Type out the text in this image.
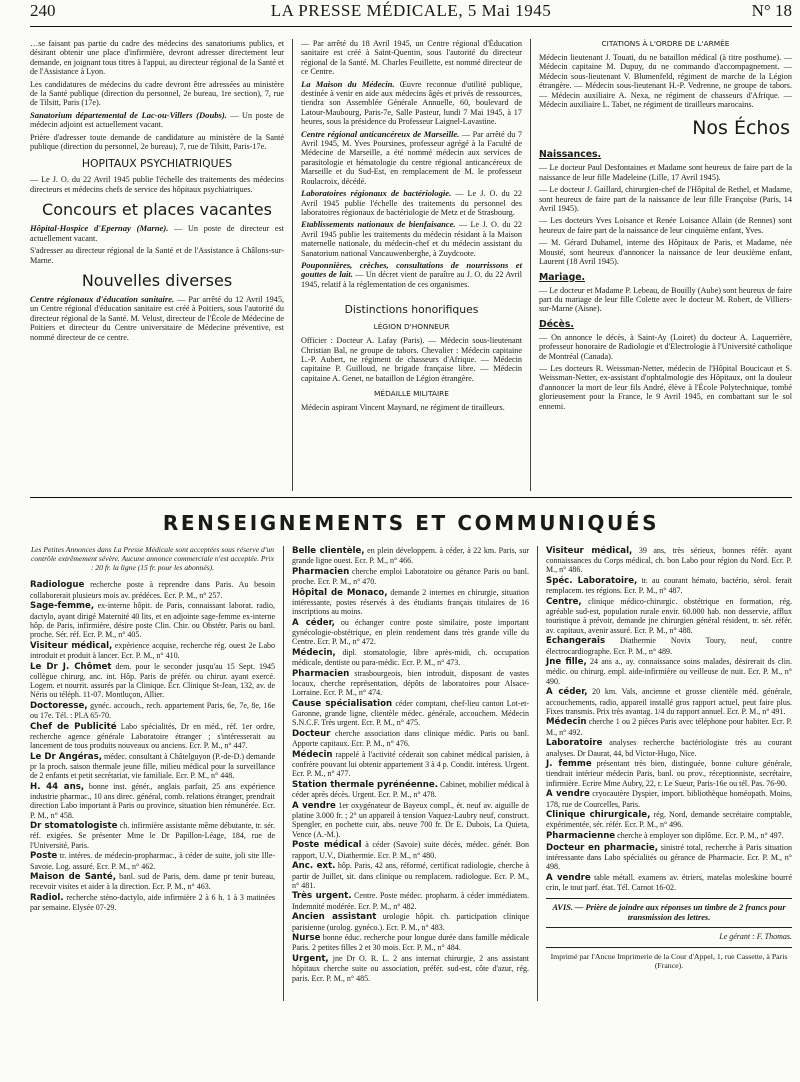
240	LA PRESSE MÉDICALE, 5 Mai 1945	N° 18

…se faisant pas partie du cadre des médecins des sanatoriums publics, et désirant obtenir une place d'infirmière, devront adresser directement leur demande, en joignant tous titres à l'appui, au directeur régional de la Santé et de l'Assistance à Lyon.

Les candidatures de médecins du cadre devront être adressées au ministère de la Santé publique (direction du personnel, 2e bureau, 1re section), 7, rue de Tilsitt, Paris (17e).

Sanatorium départemental de Lac-ou-Villers (Doubs). — Un poste de médecin adjoint est actuellement vacant.

Prière d'adresser toute demande de candidature au ministère de la Santé publique (direction du personnel, 2e bureau), 7, rue de Tilsitt, Paris-17e.

HOPITAUX PSYCHIATRIQUES

— Le J. O. du 22 Avril 1945 publie l'échelle des traitements des médecins directeurs et médecins chefs de service des hôpitaux psychiatriques.

Concours et places vacantes

Hôpital-Hospice d'Epernay (Marne). — Un poste de directeur est actuellement vacant.

S'adresser au directeur régional de la Santé et de l'Assistance à Châlons-sur-Marne.

Nouvelles diverses

Centre régionaux d'éducation sanitaire. — Par arrêté du 12 Avril 1945, un Centre régional d'éducation sanitaire est créé à Poitiers, sous l'autorité du directeur régional de la Santé. M. Velust, directeur de l'École de Médecine de Poitiers et directeur du Centre universitaire de Médecine préventive, est nommé directeur de ce centre.

— Par arrêté du 18 Avril 1945, un Centre régional d'Éducation sanitaire est créé à Saint-Quentin, sous l'autorité du directeur régional de la Santé. M. Charles Feuillette, est nommé directeur de ce Centre.

La Maison du Médecin. Œuvre reconnue d'utilité publique, destinée à venir en aide aux médecins âgés et privés de ressources, tiendra son Assemblée Générale Annuelle, 60, boulevard de Latour-Maubourg, Paris-7e, Salle Pasteur, lundi 7 Mai 1945, à 17 heures, sous la présidence du Professeur Laignel-Lavastine.

Centre régional anticancéreux de Marseille. — Par arrêté du 7 Avril 1945, M. Yves Poursines, professeur agrégé à la Faculté de Médecine de Marseille, a été nommé médecin aux services de parasitologie et hématologie du centre régional anticancéreux de Marseille et du Sud-Est, en remplacement de M. le professeur Roulacroix, décédé.

Laboratoires régionaux de bactériologie. — Le J. O. du 22 Avril 1945 publie l'échelle des traitements du personnel des laboratoires régionaux de bactériologie de Metz et de Strasbourg.

Etablissements nationaux de bienfaisance. — Le J. O. du 22 Avril 1945 publie les traitements du médecin résidant à la Maison maternelle nationale, du médecin-chef et du médecin assistant du Sanatorium national Vancauwenberghe, à Zuydcoote.

Pouponnières, crèches, consultations de nourrissons et gouttes de lait. — Un décret vient de paraître au J. O. du 22 Avril 1945, relatif à la réglementation de ces organismes.

Distinctions honorifiques
LÉGION D'HONNEUR

Officier : Docteur A. Lafay (Paris). — Médecin sous-lieutenant Christian Bal, ne groupe de tabors. Chevalier : Médecin capitaine L.-P. Aubert, ne régiment de chasseurs d'Afrique. — Médecin capitaine P. Guilloud, ne brigade française libre. — Médecin capitaine A. Genet, ne bataillon de Légion étrangère.

MÉDAILLE MILITAIRE

Médecin aspirant Vincent Maynard, ne régiment de tirailleurs.

CITATIONS À L'ORDRE DE L'ARMÉE

Médecin lieutenant J. Touati, du ne bataillon médical (à titre posthume). — Médecin capitaine M. Dupuy, du ne commando d'accompagnement. — Médecin sous-lieutenant V. Blumenfeld, régiment de marche de la Légion étrangère. — Médecin sous-lieutenant H.-P. Vedrenne, ne groupe de tabors. — Médecin auxiliaire A. Nexa, ne régiment de chasseurs d'Afrique. — Médecin auxiliaire L. Tabet, ne régiment de tirailleurs marocains.

Nos Échos
Naissances.

— Le docteur Paul Desfontaines et Madame sont heureux de faire part de la naissance de leur fille Madeleine (Lille, 17 Avril 1945).

— Le docteur J. Gaillard, chirurgien-chef de l'Hôpital de Rethel, et Madame, sont heureux de faire part de la naissance de leur fille Françoise (Paris, 14 Avril 1945).

— Les docteurs Yves Loisance et Renée Loisance Allain (de Rennes) sont heureux de faire part de la naissance de leur cinquième enfant, Yves.

— M. Gérard Duhamel, interne des Hôpitaux de Paris, et Madame, née Mousté, sont heureux d'annoncer la naissance de leur deuxième enfant, Laurent (18 Avril 1945).

Mariage.

— Le docteur et Madame P. Lebeau, de Bouilly (Aube) sont heureux de faire part du mariage de leur fille Colette avec le docteur M. Robert, de Villiers-sur-Marne (Aisne).

Décès.

— On annonce le décès, à Saint-Ay (Loiret) du docteur A. Laquerrière, professeur honoraire de Radiologie et d'Electrologie à l'Université catholique de Montréal (Canada).

— Les docteurs R. Weissman-Netter, médecin de l'Hôpital Boucicaut et S. Weissman-Netter, ex-assistant d'ophtalmologie des Hôpitaux, ont la douleur d'annoncer la mort de leur fils André, élève à l'École Polytechnique, tombé glorieusement pour la France, le 9 Avril 1945, en combattant sur le sol ennemi.

RENSEIGNEMENTS ET COMMUNIQUÉS

Les Petites Annonces dans La Presse Médicale sont acceptées sous réserve d'un contrôle extrêmement sévère. Aucune annonce commerciale n'est acceptée. Prix : 20 fr. la ligne (15 fr. pour les abonnés).

Radiologue recherche poste à reprendre dans Paris. Au besoin collaborerait plusieurs mois av. prédéces. Ecr. P. M., n° 257.

Sage-femme, ex-interne hôpit. de Paris, connaissant laborat. radio, dactylo, ayant dirigé Maternité 40 lits, et en adjointe sage-femme ex-interne hôp. de Paris, infirmière, désire poste Clin. Chir. ou Obstétr. Paris ou banl. proche. Sér. réf. Ecr. P. M., n° 405.

Visiteur médical, expérience acquise, recherche rég. ouest 2e Labo introduit et produit à lancer. Ecr. P. M., n° 410.

Le Dr J. Chômet dem. pour le seconder jusqu'au 15 Sept. 1945 collègue chirurg. anc. int. Hôp. Paris de préfér. ou chirur. ayant exercé. Logem. et nourrit. assurés par la Clinique. Écr. Clinique St-Jean, 132, av. de Néris ou téléph. 11-07. Montluçon, Allier.

Doctoresse, gynéc. accouch., rech. appartement Paris, 6e, 7e, 8e, 16e ou 17e. Tél. : Pl.A 65-70.

Chef de Publicité Labo spécialités, Dr en méd., réf. 1er ordre, recherche agence générale Laboratoire étranger ; s'intéresserait au lancement de tous produits nouveaux ou anciens. Ecr. P. M., n° 447.

Le Dr Angéras, médec. consultant à Châtelguyon (P.-de-D.) demande pr la proch. saison thermale jeune fille, milieu médical pour la surveillance de 2 enfants et petit secrétariat, vie familiale. Ecr. P. M., n° 448.

H. 44 ans, bonne inst. génér., anglais parfait, 25 ans expérience industrie pharmac., 10 ans direc. général, comb. relations étranger, prendrait direction Labo important à Paris ou province, situation bien rémunérée. Ecr. P. M., n° 458.

Dr stomatologiste ch. infirmière assistante même débutante, tr. sér. réf. exigées. Se présenter Mme le Dr Papillon-Léage, 184, rue de l'Université, Paris.

Poste tr. intéres. de médecin-propharmac., à céder de suite, joli site Ille-Savoie. Log. assuré. Ecr. P. M., n° 462.

Maison de Santé, banl. sud de Paris, dem. dame pr tenir bureau, recevoir visites et aider à la direction. Ecr. P. M., n° 463.

Radiol. recherche sténo-dactylo, aide infirmière 2 à 6 h. 1 à 3 matinées par semaine. Elysée 07-29.

Belle clientèle, en plein développem. à céder, à 22 km. Paris, sur grande ligne ouest. Ecr. P. M., n° 466.

Pharmacien cherche emploi Laboratoire ou gérance Paris ou banl. proche. Ecr. P. M., n° 470.

Hôpital de Monaco, demande 2 internes en chirurgie, situation intéressante, postes réservés à des étudiants français titulaires de 16 inscriptions au moins.

A céder, ou échanger contre poste similaire, poste important gynécologie-obstétrique, en plein rendement dans très grande ville du Centre. Ecr. P. M., n° 472.

Médecin, dipl. stomatologie, libre après-midi, ch. occupation médicale, dentiste ou para-médic. Ecr. P. M., n° 473.

Pharmacien strasbourgeois, bien introduit, disposant de vastes locaux, cherche représentation, dépôts de laboratoires pour Alsace-Lorraine. Ecr. P. M., n° 474.

Cause spécialisation céder comptant, chef-lieu canton Lot-et-Garonne, grande ligne, clientèle médec. générale, accouchem. Médecin S.N.C.F. Très urgent. Ecr. P. M., n° 475.

Docteur cherche association dans clinique médic. Paris ou banl. Apporte capitaux. Ecr. P. M., n° 476.

Médecin rappelé à l'activité céderait son cabinet médical parisien, à confrère pouvant lui obtenir appartement 3 à 4 p. Condit. intéress. Urgent. Ecr. P. M., n° 477.

Station thermale pyrénéenne. Cabinet, mobilier médical à céder après décès. Urgent. Ecr. P. M., n° 478.

A vendre 1er oxygénateur de Bayeux compl., ét. neuf av. aiguille de platine 3.000 fr. ; 2° un appareil à tension Vaquez-Laubry neuf, construct. Spengler, en pochette cuir, abs. neuve 700 fr. Dr E. Dubois, La Quieta, Vence (A.-M.).

Poste médical à céder (Savoie) suite décès, médec. génér. Bon rapport, U.V., Diathermie. Ecr. P. M., n° 480.

Anc. ext. hôp. Paris, 42 ans, réformé, certificat radiologie, cherche à partir de Juillet, sit. dans clinique ou remplacem. radiologue. Ecr. P. M., n° 481.

Très urgent. Centre. Poste médec. propharm. à céder immédiatem. Indemnité modérée. Ecr. P. M., n° 482.

Ancien assistant urologie hôpit. ch. participation clinique parisienne (urolog. gynéco.). Ecr. P. M., n° 483.

Nurse bonne éduc. recherche pour longue durée dans famille médicale Paris. 2 petites filles 2 et 30 mois. Ecr. P. M., n° 484.

Urgent, jne Dr O. R. L. 2 ans internat chirurgie, 2 ans assistant hôpitaux cherche suite ou association, préfér. sud-est, côte d'azur, rég. paris. Ecr. P. M., n° 485.

Visiteur médical, 39 ans, très sérieux, bonnes référ. ayant connaissances du Corps médical, ch. bon Labo pour région du Nord. Ecr. P. M., n° 486.

Spéc. Laboratoire, tr. au courant hémato, bactério, sérol. ferait remplacem. tes régions. Ecr. P. M., n° 487.

Centre, clinique médico-chirurgic. obstétrique en formation, rég. agréable sud-est, population rurale envir. 60.000 hab. non desservie, afflux touristique à prévoir, demande jne chirurgien général résident, tr. sér. référ. av. capitaux, avenir assuré. Ecr. P. M., n° 488.

Echangerais Diathermie Novix Toury, neuf, contre électrocardiographe. Ecr. P. M., n° 489.

Jne fille, 24 ans a., ay. connaissance soins malades, désirerait ds clin. médic. ou chirurg. empl. aide-infirmière ou veilleuse de nuit. Ecr. P. M., n° 490.

A céder, 20 km. Vals, ancienne et grosse clientèle méd. générale, accouchements, radio, appareil installé gros rapport actuel, peut faire plus. Fixes transmis. Prix très avantag. 1/4 du rapport annuel. Ecr. P. M., n° 491.

Médecin cherche 1 ou 2 pièces Paris avec téléphone pour habiter. Ecr. P. M., n° 492.

Laboratoire analyses recherche bactériologiste très au courant analyses. Dr Daurat, 44, bd Victor-Hugo, Nice.

J. femme présentant très bien, distinguée, bonne culture générale, tiendrait intérieur médecin Paris, banl. ou prov., réceptionniste, secrétaire, infirmière. Ecrire Mme Aubry, 22, r. Le Sueur, Paris-16e ou tél. Pas. 76-90.

A vendre cryocautère Dyspier, import. bibliothèque homéopath. Moins, 178, rue de Courcelles, Paris.

Clinique chirurgicale, rég. Nord, demande secrétaire comptable, expérimentée, sér. référ. Ecr. P. M., n° 496.

Pharmacienne cherche à employer son diplôme. Ecr. P. M., n° 497.

Docteur en pharmacie, sinistré total, recherche à Paris situation intéressante dans Labo spécialités ou gérance de Pharmacie. Ecr. P. M., n° 498.

A vendre table métall. examens av. étriers, matelas moleskine bourré crin, le tout parf. état. Tél. Carnot 16-02.

AVIS. — Prière de joindre aux réponses un timbre de 2 francs pour transmission des lettres.

Le gérant : F. Thomas.

Imprimé par l'Ancne Imprimerie de la Cour d'Appel, 1, rue Cassette, à Paris (France).
